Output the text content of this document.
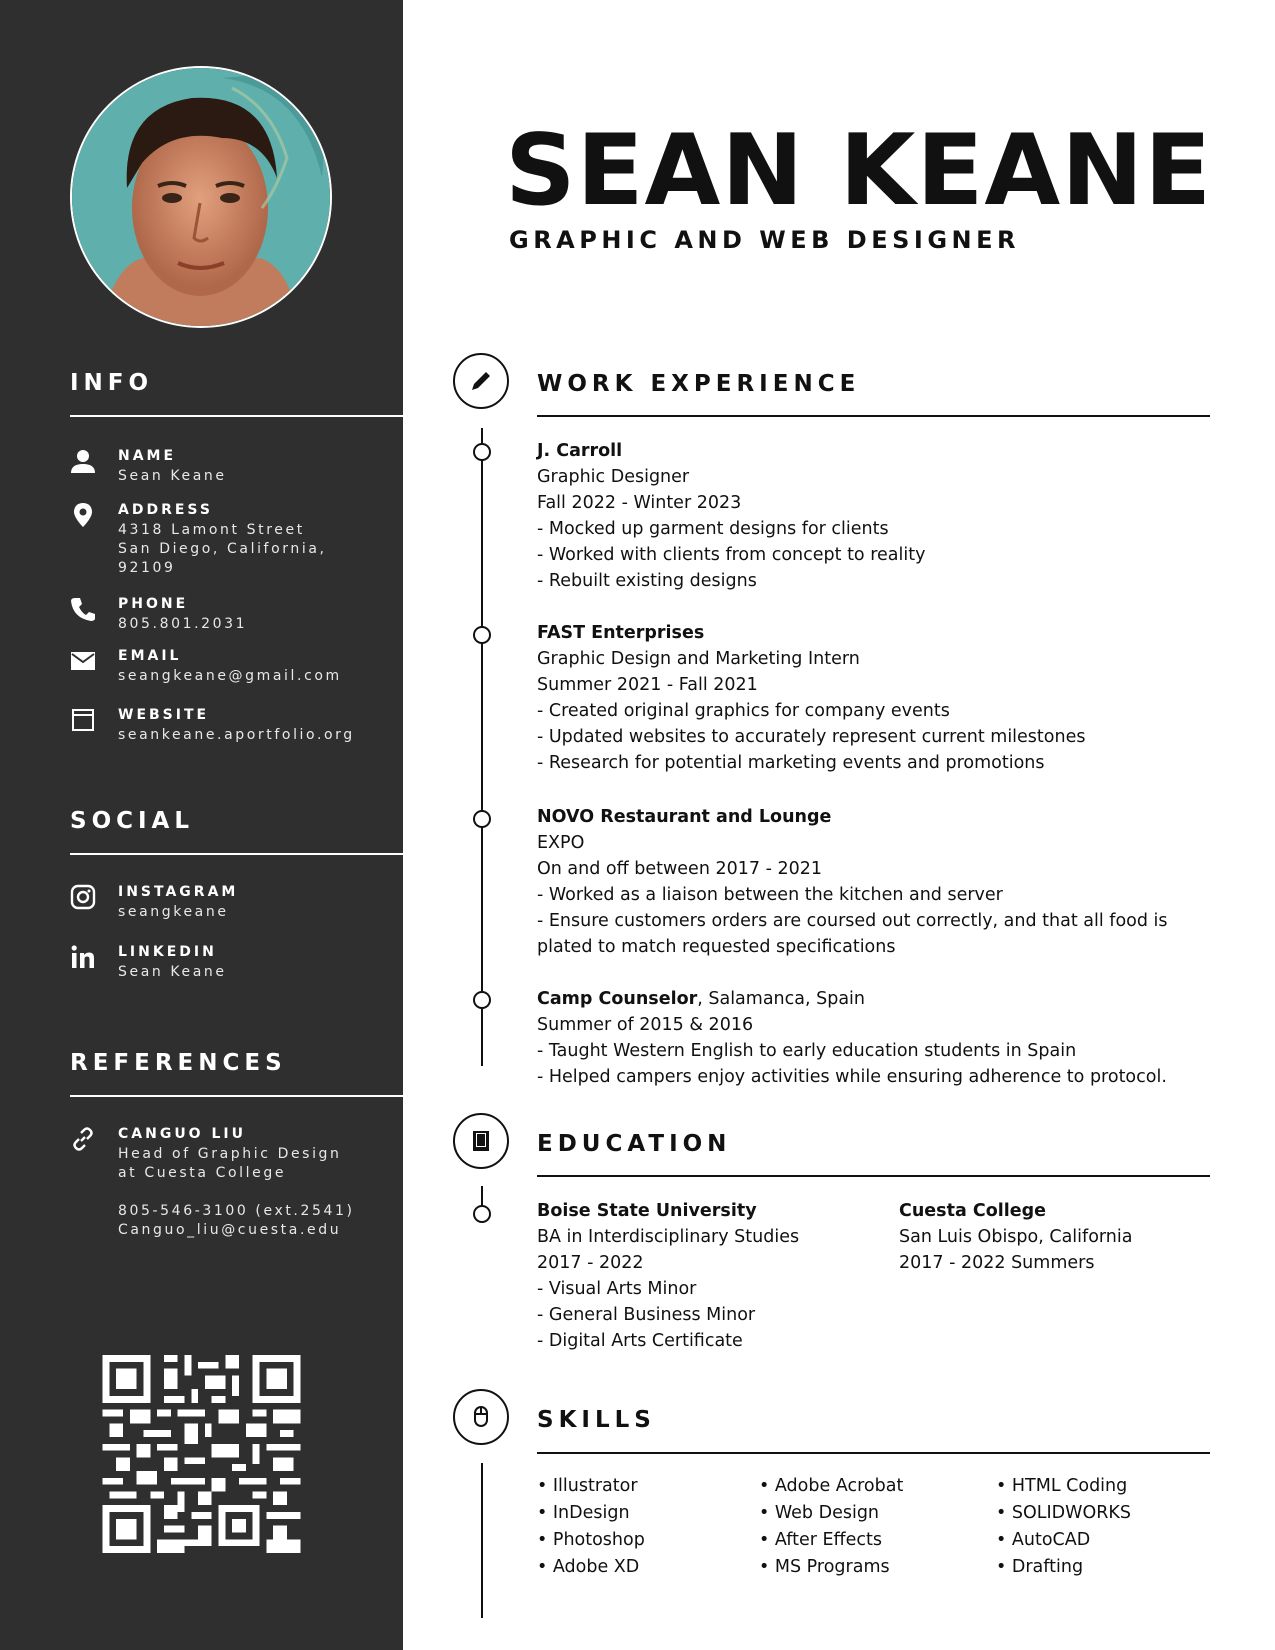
INFO
NAME
Sean Keane
ADDRESS
4318 Lamont Street
San Diego, California,
92109
PHONE
805.801.2031
EMAIL
seangkeane@gmail.com
WEBSITE
seankeane.aportfolio.org
SOCIAL
INSTAGRAM
seangkeane
LINKEDIN
Sean Keane
REFERENCES
CANGUO LIU
Head of Graphic Design
at Cuesta College

805-546-3100 (ext.2541)
Canguo_liu@cuesta.edu
SEAN KEANE
GRAPHIC AND WEB DESIGNER
WORK EXPERIENCE
J. Carroll
Graphic Designer
Fall 2022 - Winter 2023
- Mocked up garment designs for clients
- Worked with clients from concept to reality
- Rebuilt existing designs
FAST Enterprises
Graphic Design and Marketing Intern
Summer 2021 - Fall 2021
- Created original graphics for company events
- Updated websites to accurately represent current milestones
- Research for potential marketing events and promotions
NOVO Restaurant and Lounge
EXPO
On and off between 2017 - 2021
- Worked as a liaison between the kitchen and server
- Ensure customers orders are coursed out correctly, and that all food is plated to match requested specifications
Camp Counselor, Salamanca, Spain
Summer of 2015 & 2016
- Taught Western English to early education students in Spain
- Helped campers enjoy activities while ensuring adherence to protocol.
EDUCATION
Boise State University
BA in Interdisciplinary Studies
2017 - 2022
- Visual Arts Minor
- General Business Minor
- Digital Arts Certificate
Cuesta College
San Luis Obispo, California
2017 - 2022 Summers
SKILLS
• Illustrator
• InDesign
• Photoshop
• Adobe XD
• Adobe Acrobat
• Web Design
• After Effects
• MS Programs
• HTML Coding
• SOLIDWORKS
• AutoCAD
• Drafting
